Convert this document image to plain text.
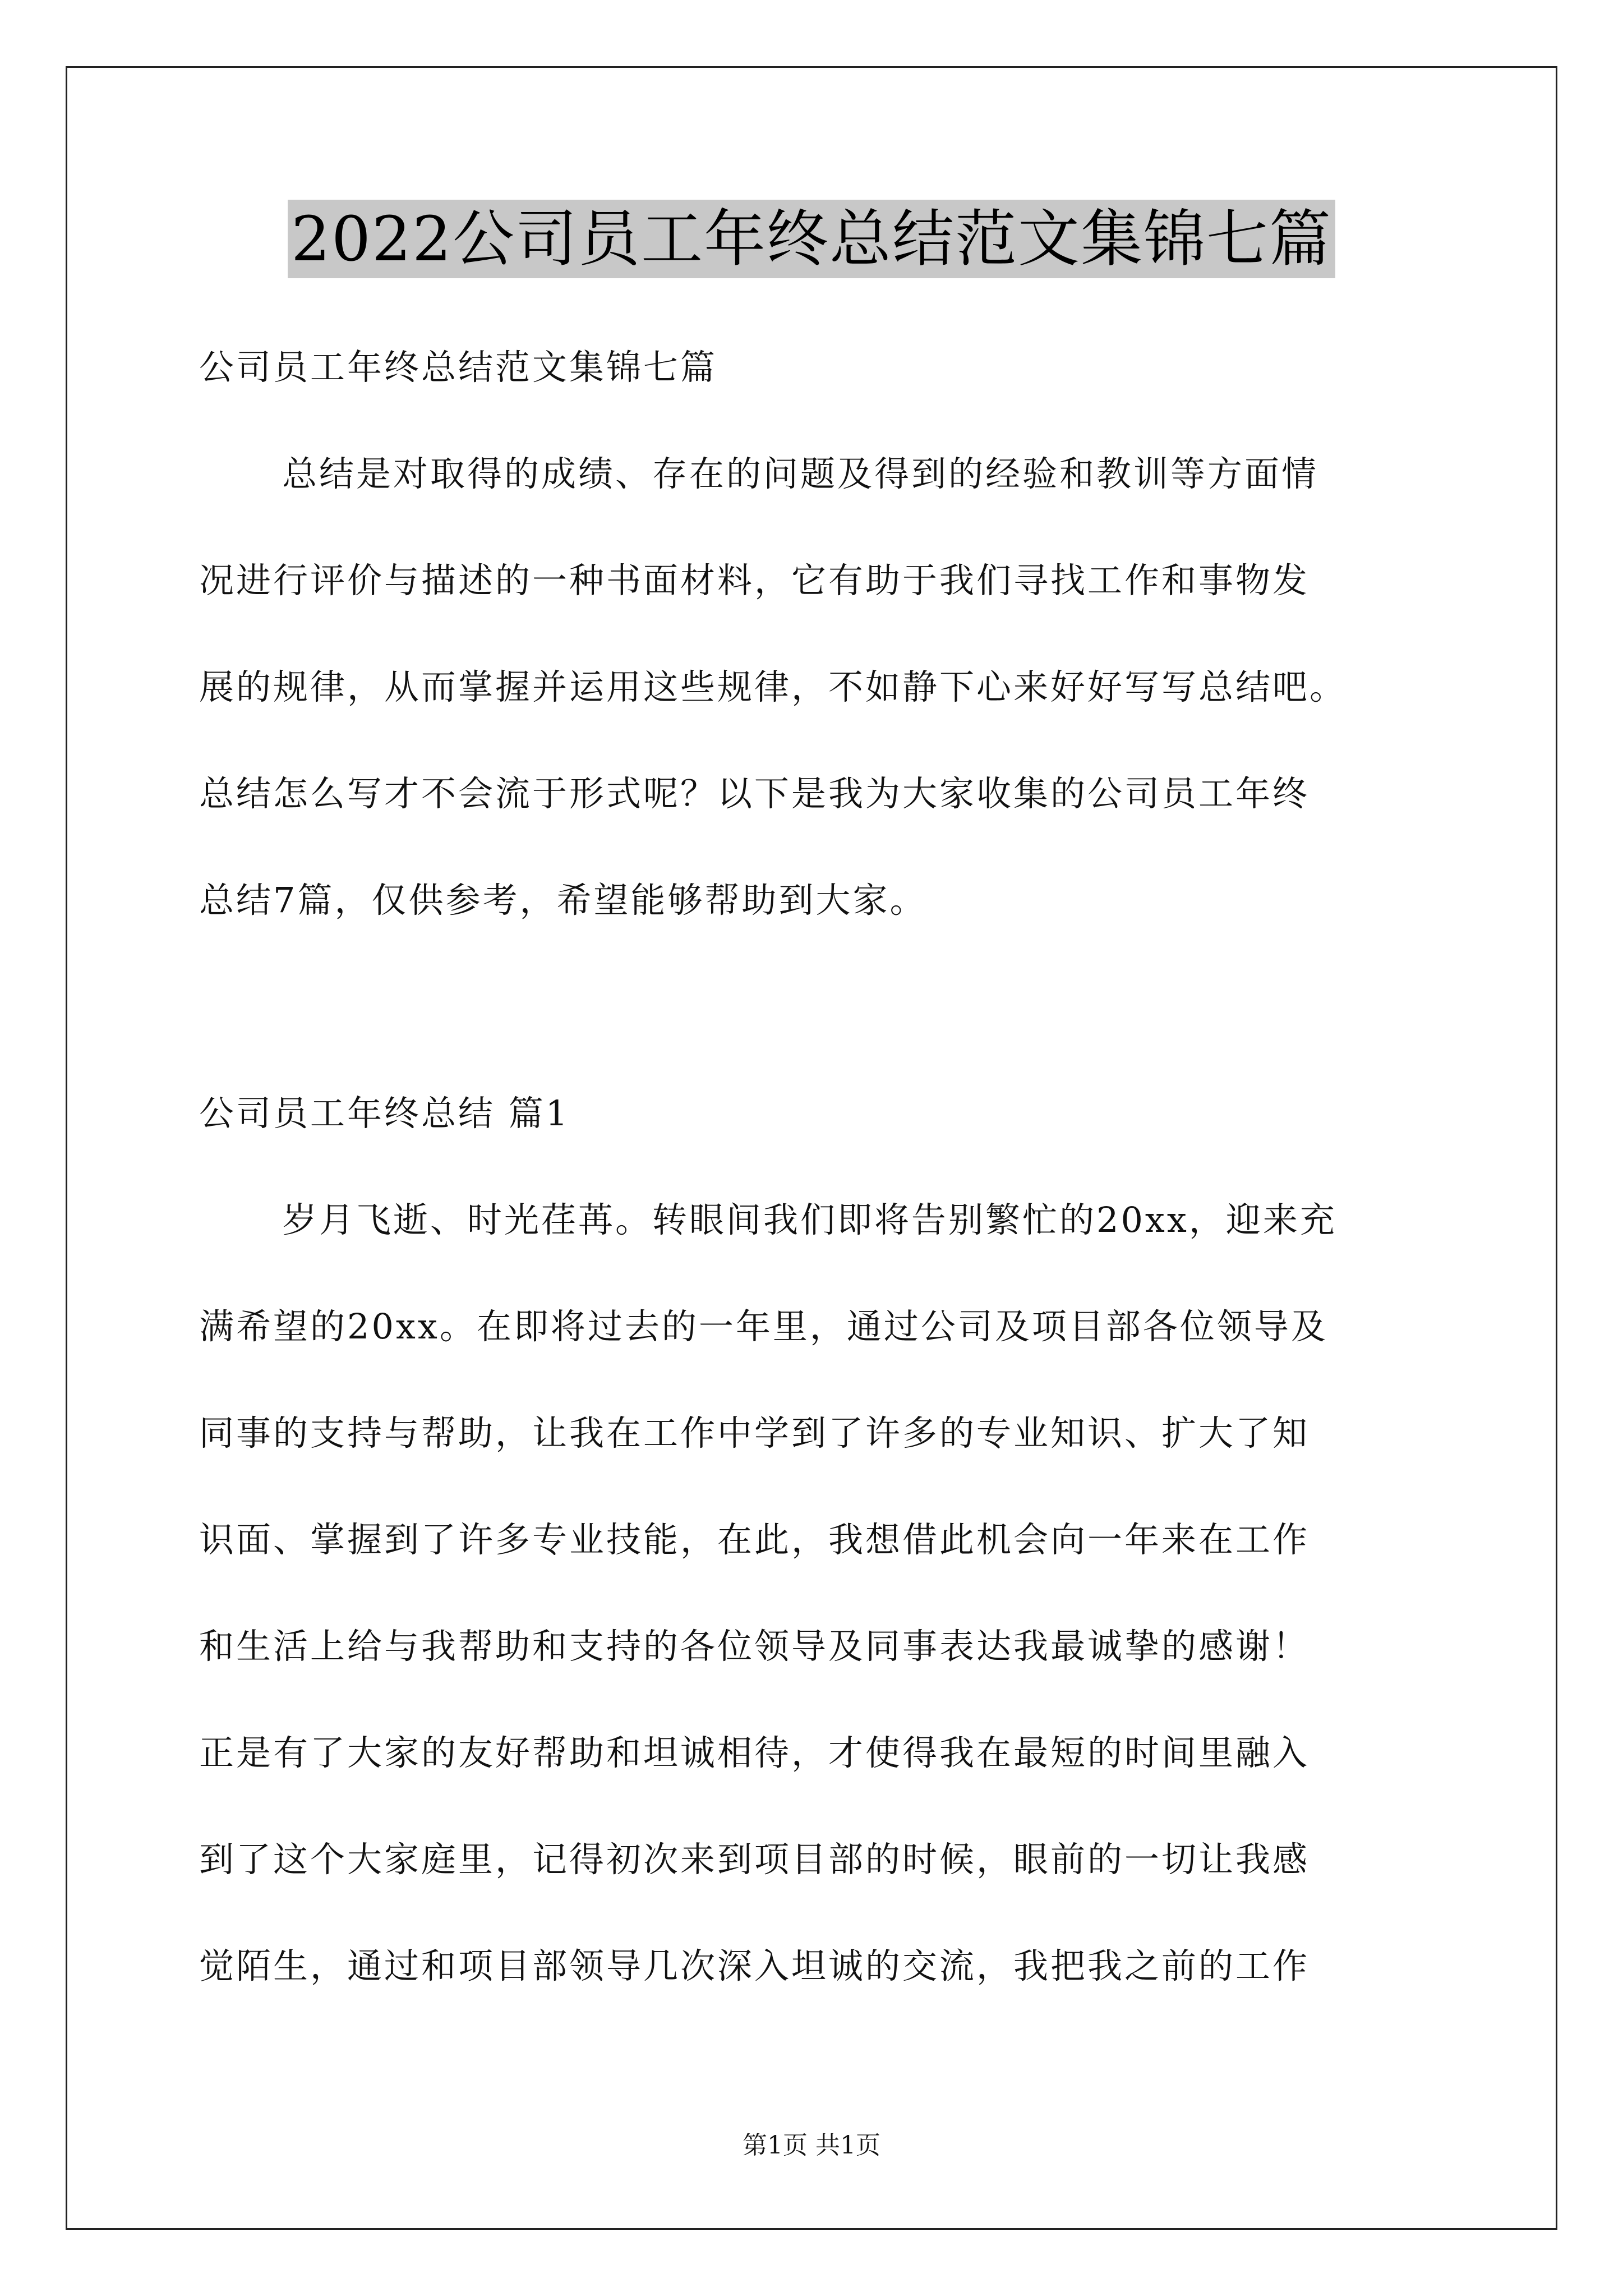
2022公司员工年终总结范文集锦七篇
公司员工年终总结范文集锦七篇
总结是对取得的成绩、存在的问题及得到的经验和教训等方面情
况进行评价与描述的一种书面材料，它有助于我们寻找工作和事物发
展的规律，从而掌握并运用这些规律，不如静下心来好好写写总结吧。
总结怎么写才不会流于形式呢？以下是我为大家收集的公司员工年终
总结7篇，仅供参考，希望能够帮助到大家。
公司员工年终总结 篇1
岁月飞逝、时光荏苒。转眼间我们即将告别繁忙的20xx，迎来充
满希望的20xx。在即将过去的一年里，通过公司及项目部各位领导及
同事的支持与帮助，让我在工作中学到了许多的专业知识、扩大了知
识面、掌握到了许多专业技能，在此，我想借此机会向一年来在工作
和生活上给与我帮助和支持的各位领导及同事表达我最诚挚的感谢！
正是有了大家的友好帮助和坦诚相待，才使得我在最短的时间里融入
到了这个大家庭里，记得初次来到项目部的时候，眼前的一切让我感
觉陌生，通过和项目部领导几次深入坦诚的交流，我把我之前的工作
第1页 共1页
